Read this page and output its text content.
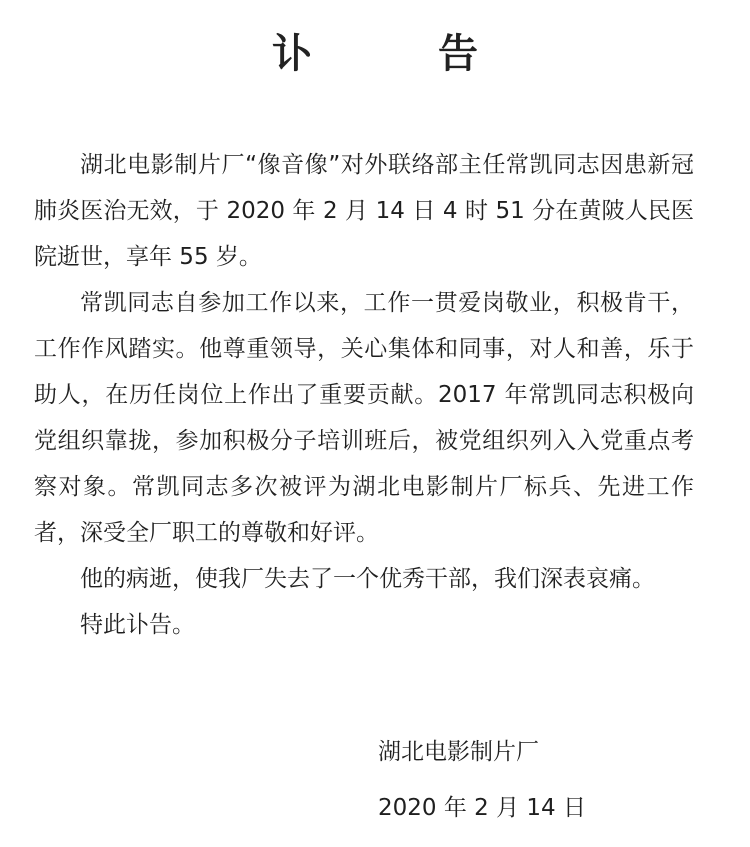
讣 告

湖北电影制片厂“像音像”对外联络部主任常凯同志因患新冠肺炎医治无效，于 2020 年 2 月 14 日 4 时 51 分在黄陂人民医院逝世，享年 55 岁。

常凯同志自参加工作以来，工作一贯爱岗敬业，积极肯干，工作作风踏实。他尊重领导，关心集体和同事，对人和善，乐于助人，在历任岗位上作出了重要贡献。2017 年常凯同志积极向党组织靠拢，参加积极分子培训班后，被党组织列入入党重点考察对象。常凯同志多次被评为湖北电影制片厂标兵、先进工作者，深受全厂职工的尊敬和好评。

他的病逝，使我厂失去了一个优秀干部，我们深表哀痛。

特此讣告。

湖北电影制片厂
2020 年 2 月 14 日
